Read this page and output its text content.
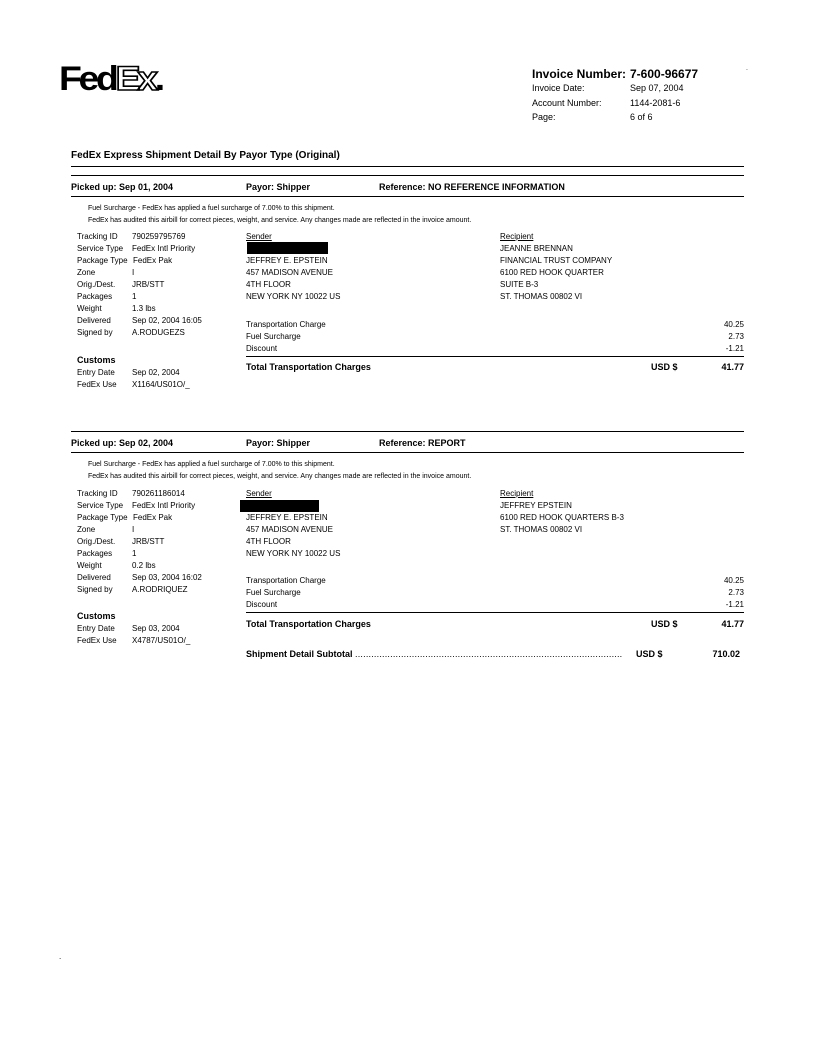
FedEx.	Invoice Number: 7-600-96677	˙
Invoice Date:	Sep 07, 2004
Account Number:	1144-2081-6
Page:	6 of 6
FedEx Express Shipment Detail By Payor Type (Original)
Picked up: Sep 01, 2004	Payor: Shipper	Reference: NO REFERENCE INFORMATION
Fuel Surcharge - FedEx has applied a fuel surcharge of 7.00% to this shipment.
FedEx has audited this airbill for correct pieces, weight, and service. Any changes made are reflected in the invoice amount.
Tracking ID 790259795769
Service Type FedEx Intl Priority
Package Type FedEx Pak
Zone	I
Orig./Dest. JRB/STT
Packages 1
Weight	1.3 lbs
Delivered	Sep 02, 2004 16:05
Signed by A.RODUGEZS
Customs
Entry Date Sep 02, 2004
FedEx Use X1164/US01O/_
Sender
JEFFREY E. EPSTEIN
457 MADISON AVENUE
4TH FLOOR
NEW YORK NY 10022 US
Recipient
JEANNE BRENNAN
FINANCIAL TRUST COMPANY
6100 RED HOOK QUARTER
SUITE B-3
ST. THOMAS 00802 VI
Transportation Charge	40.25
Fuel Surcharge	2.73
Discount	-1.21
Total Transportation Charges	USD $	41.77
Picked up: Sep 02, 2004	Payor: Shipper	Reference: REPORT
Fuel Surcharge - FedEx has applied a fuel surcharge of 7.00% to this shipment.
FedEx has audited this airbill for correct pieces, weight, and service. Any changes made are reflected in the invoice amount.
Tracking ID 790261186014
Service Type FedEx Intl Priority
Package Type FedEx Pak
Zone	I
Orig./Dest. JRB/STT
Packages 1
Weight	0.2 lbs
Delivered	Sep 03, 2004 16:02
Signed by A.RODRIQUEZ
Customs
Entry Date Sep 03, 2004
FedEx Use X4787/US01O/_
Sender
JEFFREY E. EPSTEIN
457 MADISON AVENUE
4TH FLOOR
NEW YORK NY 10022 US
Recipient
JEFFREY EPSTEIN
6100 RED HOOK QUARTERS B-3
ST. THOMAS 00802 VI
Transportation Charge	40.25
Fuel Surcharge	2.73
Discount	-1.21
Total Transportation Charges	USD $	41.77
Shipment Detail Subtotal ...................................................................................................	USD $	710.02
.
